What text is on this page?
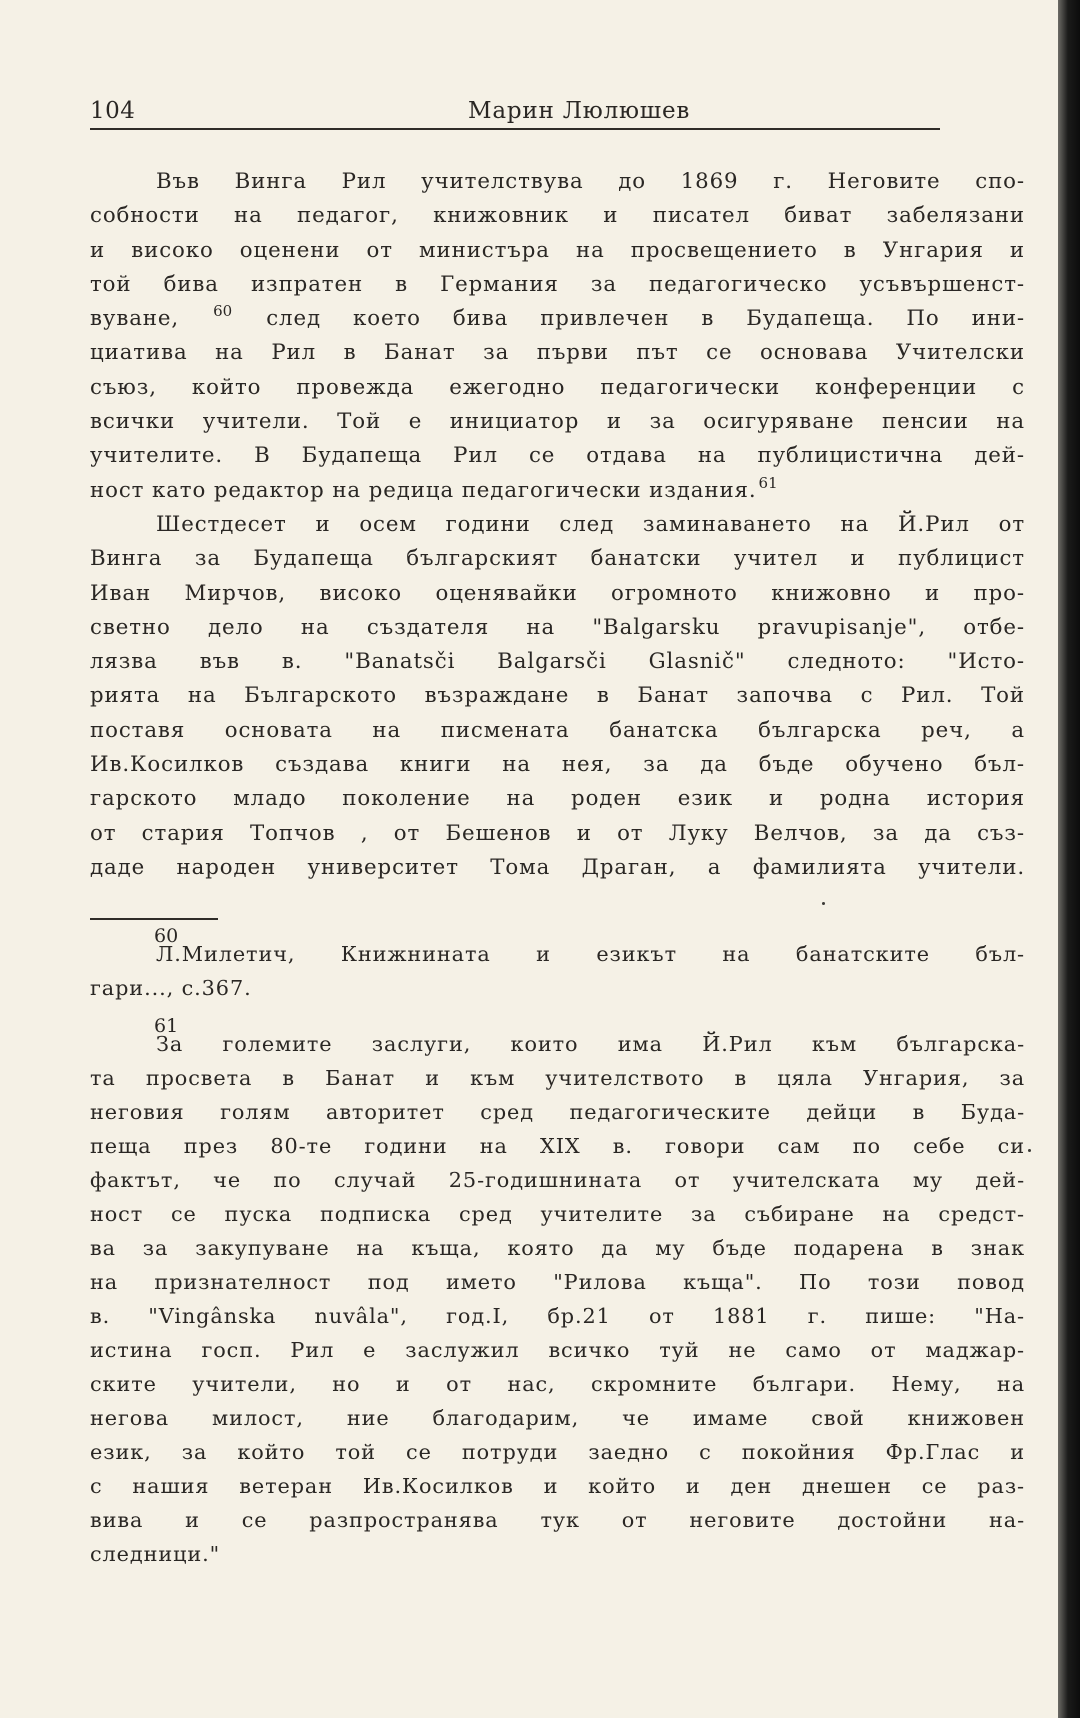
104	Марин Люлюшев
Във Винга Рил учителствува до 1869 г. Неговите спо-
собности на педагог, книжовник и писател биват забелязани
и високо оценени от министъра на просвещението в Унгария и
той бива изпратен в Германия за педагогическо усъвършенст-
вуване, $^{60}$ след което бива привлечен в Будапеща. По ини-
циатива на Рил в Банат за първи път се основава Учителски
съюз, който провежда ежегодно педагогически конференции с
всички учители. Той е инициатор и за осигуряване пенсии на
учителите. В Будапеща Рил се отдава на публицистична дей-
ност като редактор на редица педагогически издания. $^{61}$
Шестдесет и осем години след заминаването на Й.Рил от
Винга за Будапеща българският банатски учител и публицист
Иван Мирчов, високо оценявайки огромното книжовно и про-
светно дело на създателя на "Balgarsku pravupisanje", отбе-
лязва във в. "Banatsči Balgarsči Glasnič" следното: "Исто-
рията на Българското възраждане в Банат започва с Рил. Той
поставя основата на писмената банатска българска реч, а
Ив.Косилков създава книги на нея, за да бъде обучено бъл-
гарското младо поколение на роден език и родна история
от стария Топчов , от Бешенов и от Луку Велчов, за да съз-
даде народен университет Тома Драган, а фамилията учители.
60
Л.Милетич, Книжнината и езикът на банатските бъл-
гари..., с.367.
61
За големите заслуги, които има Й.Рил към българска-
та просвета в Банат и към учителството в цяла Унгария, за
неговия голям авторитет сред педагогическите дейци в Буда-
пеща през 80-те години на XIX в. говори сам по себе си
фактът, че по случай 25-годишнината от учителската му дей-
ност се пуска подписка сред учителите за събиране на средст-
ва за закупуване на къща, която да му бъде подарена в знак
на признателност под името "Рилова къща". По този повод
в. "Vingânska nuvâla", год.I, бр.21 от 1881 г. пише: "На-
истина госп. Рил е заслужил всичко туй не само от маджар-
ските учители, но и от нас, скромните българи. Нему, на
негова милост, ние благодарим, че имаме свой книжовен
език, за който той се потруди заедно с покойния Фр.Глас и
с нашия ветеран Ив.Косилков и който и ден днешен се раз-
вива и се разпространява тук от неговите достойни на-
следници."
